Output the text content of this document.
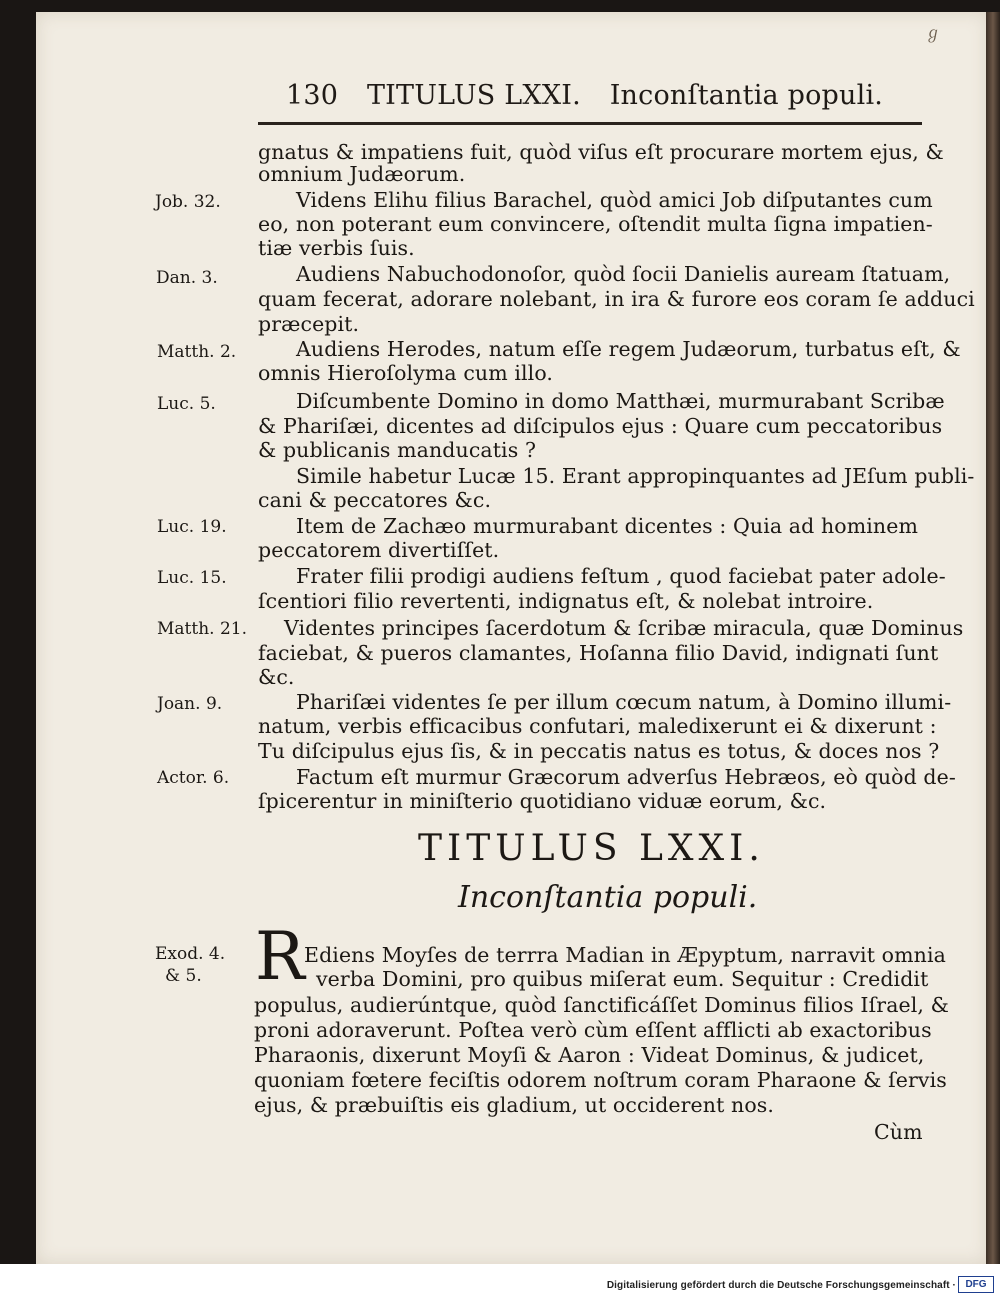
ℊ
130 TITULUS LXXI. Inconſtantia populi.
gnatus & impatiens fuit, quòd viſus eſt procurare mortem ejus, &
omnium Judæorum.
Job. 32.	Videns Elihu filius Barachel, quòd amici Job diſputantes cum
eo, non poterant eum convincere, oſtendit multa ſigna impatien-
tiæ verbis ſuis.
Dan. 3.	Audiens Nabuchodonoſor, quòd ſocii Danielis auream ſtatuam,
quam fecerat, adorare nolebant, in ira & furore eos coram ſe adduci
præcepit.
Matth. 2.	Audiens Herodes, natum eſſe regem Judæorum, turbatus eſt, &
omnis Hieroſolyma cum illo.
Luc. 5.	Diſcumbente Domino in domo Matthæi, murmurabant Scribæ
& Phariſæi, dicentes ad diſcipulos ejus : Quare cum peccatoribus
& publicanis manducatis ?
Simile habetur Lucæ 15. Erant appropinquantes ad JEſum publi-
cani & peccatores &c.
Luc. 19.	Item de Zachæo murmurabant dicentes : Quia ad hominem
peccatorem divertiſſet.
Luc. 15.	Frater filii prodigi audiens feſtum , quod faciebat pater adole-
ſcentiori filio revertenti, indignatus eſt, & nolebat introire.
Matth. 21. Videntes principes ſacerdotum & ſcribæ miracula, quæ Dominus
faciebat, & pueros clamantes, Hoſanna filio David, indignati ſunt
&c.
Joan. 9.	Phariſæi videntes ſe per illum cœcum natum, à Domino illumi-
natum, verbis efficacibus confutari, maledixerunt ei & dixerunt :
Tu diſcipulus ejus ſis, & in peccatis natus es totus, & doces nos ?
Actor. 6.	Factum eſt murmur Græcorum adverſus Hebræos, eò quòd de-
ſpicerentur in miniſterio quotidiano viduæ eorum, &c.
TITULUS LXXI.
Inconſtantia populi.
Exod. 4.
& 5. R Ediens Moyſes de terrra Madian in Æpyptum, narravit omnia
verba Domini, pro quibus miſerat eum. Sequitur : Credidit
populus, audierúntque, quòd ſanctificáſſet Dominus filios Iſrael, &
proni adoraverunt. Poſtea verò cùm eſſent afflicti ab exactoribus
Pharaonis, dixerunt Moyſi & Aaron : Videat Dominus, & judicet,
quoniam fœtere feciſtis odorem noſtrum coram Pharaone & ſervis
ejus, & præbuiſtis eis gladium, ut occiderent nos.
Cùm
Digitalisierung gefördert durch die Deutsche Forschungsgemeinschaft · DFG
